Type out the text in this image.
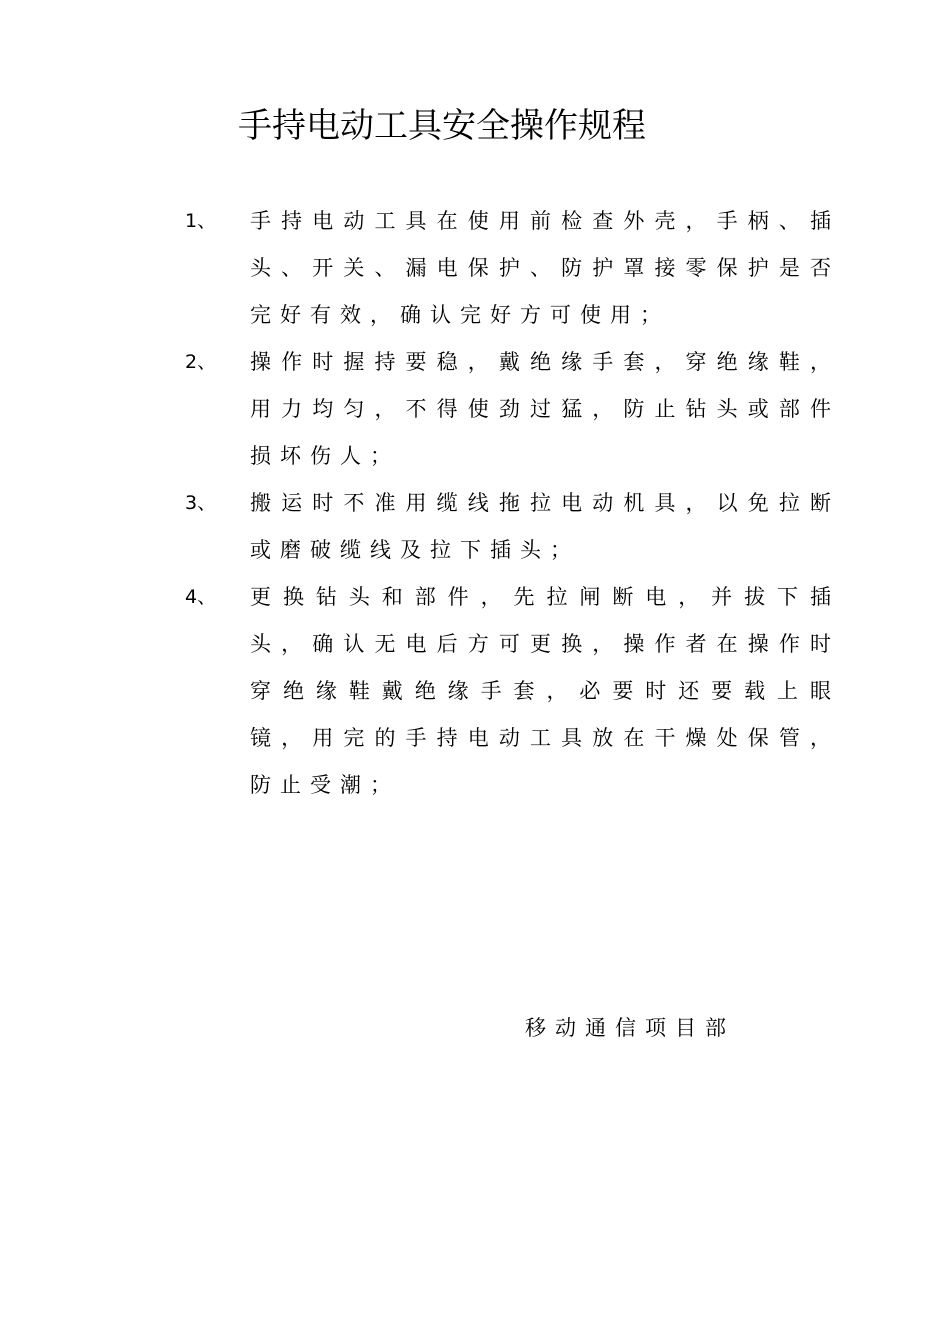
手持电动工具安全操作规程
1、 手持电动工具在使用前检查外壳，手柄、插头、开关、漏电保护、防护罩接零保护是否完好有效，确认完好方可使用；
2、 操作时握持要稳，戴绝缘手套，穿绝缘鞋，用力均匀，不得使劲过猛，防止钻头或部件损坏伤人；
3、 搬运时不准用缆线拖拉电动机具，以免拉断或磨破缆线及拉下插头；
4、 更换钻头和部件，先拉闸断电，并拔下插头，确认无电后方可更换，操作者在操作时穿绝缘鞋戴绝缘手套，必要时还要载上眼镜，用完的手持电动工具放在干燥处保管，防止受潮；
移动通信项目部
